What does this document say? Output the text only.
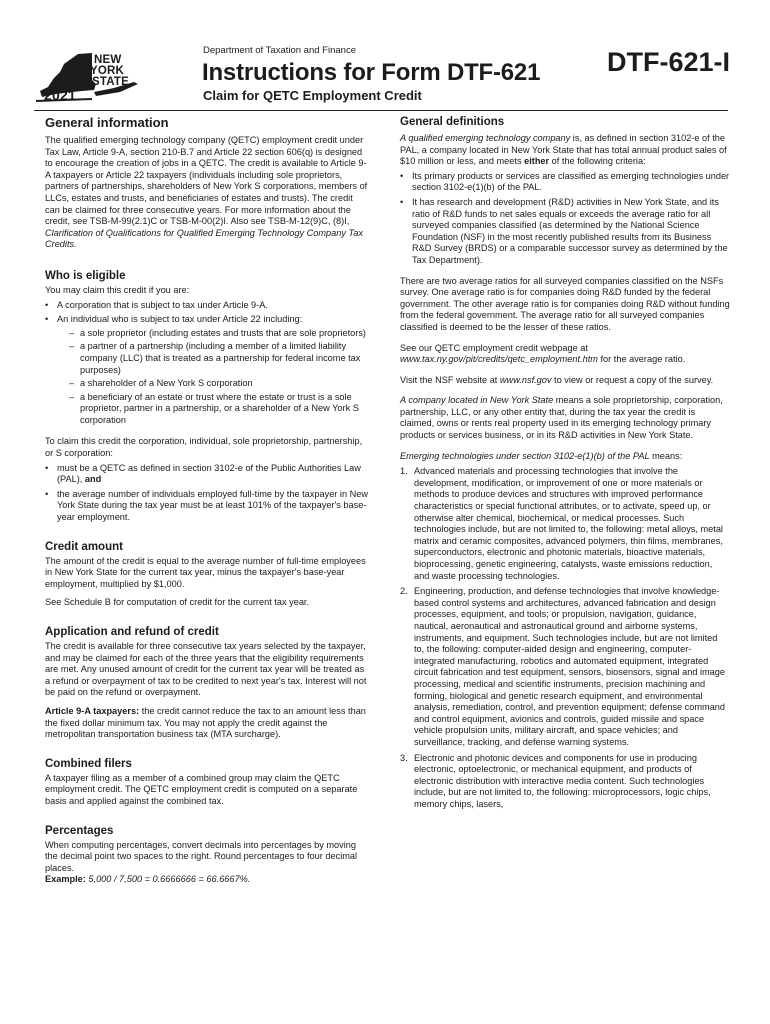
NEW
YORK
STATE
2021
Department of Taxation and Finance
Instructions for Form DTF-621
Claim for QETC Employment Credit
DTF-621-I
General information

The qualified emerging technology company (QETC) employment credit under Tax Law, Article 9-A, section 210-B.7 and Article 22 section 606(q) is designed to encourage the creation of jobs in a QETC. The credit is available to Article 9-A taxpayers or Article 22 taxpayers (individuals including sole proprietors, partners of partnerships, shareholders of New York S corporations, members of LLCs, estates and trusts, and beneficiaries of estates and trusts). The credit can be claimed for three consecutive years. For more information about the credit, see TSB-M-99(2.1)C or TSB-M-00(2)I. Also see TSB-M-12(9)C, (8)I, Clarification of Qualifications for Qualified Emerging Technology Company Tax Credits.

Who is eligible

You may claim this credit if you are:

• A corporation that is subject to tax under Article 9-A.
• An individual who is subject to tax under Article 22 including:
– a sole proprietor (including estates and trusts that are sole proprietors)
– a partner of a partnership (including a member of a limited liability company (LLC) that is treated as a partnership for federal income tax purposes)
– a shareholder of a New York S corporation
– a beneficiary of an estate or trust where the estate or trust is a sole proprietor, partner in a partnership, or a shareholder of a New York S corporation

To claim this credit the corporation, individual, sole proprietorship, partnership, or S corporation:

• must be a QETC as defined in section 3102-e of the Public Authorities Law (PAL), and
• the average number of individuals employed full-time by the taxpayer in New York State during the tax year must be at least 101% of the taxpayer's base-year employment.
Credit amount

The amount of the credit is equal to the average number of full-time employees in New York State for the current tax year, minus the taxpayer's base-year employment, multiplied by $1,000.

See Schedule B for computation of credit for the current tax year.

Application and refund of credit

The credit is available for three consecutive tax years selected by the taxpayer, and may be claimed for each of the three years that the eligibility requirements are met. Any unused amount of credit for the current tax year will be treated as a refund or overpayment of tax to be credited to next year's tax. Interest will not be paid on the refund or overpayment.

Article 9-A taxpayers: the credit cannot reduce the tax to an amount less than the fixed dollar minimum tax. You may not apply the credit against the metropolitan transportation business tax (MTA surcharge).

Combined filers

A taxpayer filing as a member of a combined group may claim the QETC employment credit. The QETC employment credit is computed on a separate basis and applied against the combined tax.

Percentages

When computing percentages, convert decimals into percentages by moving the decimal point two spaces to the right. Round percentages to four decimal places.

Example: 5,000 / 7,500 = 0.6666666 = 66.6667%.

General definitions

A qualified emerging technology company is, as defined in section 3102-e of the PAL, a company located in New York State that has total annual product sales of $10 million or less, and meets either of the following criteria:

• Its primary products or services are classified as emerging technologies under section 3102-e(1)(b) of the PAL.
• It has research and development (R&D) activities in New York State, and its ratio of R&D funds to net sales equals or exceeds the average ratio for all surveyed companies classified (as determined by the National Science Foundation (NSF) in the most recently published results from its Business R&D Survey (BRDS) or a comparable successor survey as determined by the Tax Department).

There are two average ratios for all surveyed companies classified on the NSFs survey. One average ratio is for companies doing R&D funded by the federal government. The other average ratio is for companies doing R&D without funding from the federal government. The average ratio for all surveyed companies classified is deemed to be the lesser of these ratios.

See our QETC employment credit webpage at www.tax.ny.gov/pit/credits/qetc_employment.htm for the average ratio.

Visit the NSF website at www.nsf.gov to view or request a copy of the survey.

A company located in New York State means a sole proprietorship, corporation, partnership, LLC, or any other entity that, during the tax year the credit is claimed, owns or rents real property used in its emerging technology primary products or services business, or in its R&D activities in New York State.

Emerging technologies under section 3102-e(1)(b) of the PAL means:

1. Advanced materials and processing technologies that involve the development, modification, or improvement of one or more materials or methods to produce devices and structures with improved performance characteristics or special functional attributes, or to activate, speed up, or otherwise alter chemical, biochemical, or medical processes. Such technologies include, but are not limited to, the following: metal alloys, metal matrix and ceramic composites, advanced polymers, thin films, membranes, superconductors, electronic and photonic materials, bioactive materials, bioprocessing, genetic engineering, catalysts, waste emissions reduction, and waste processing technologies.
2. Engineering, production, and defense technologies that involve knowledge-based control systems and architectures, advanced fabrication and design processes, equipment, and tools; or propulsion, navigation, guidance, nautical, aeronautical and astronautical ground and airborne systems, instruments, and equipment. Such technologies include, but are not limited to, the following: computer-aided design and engineering, computer-integrated manufacturing, robotics and automated equipment, integrated circuit fabrication and test equipment, sensors, biosensors, signal and image processing, medical and scientific instruments, precision machining and forming, biological and genetic research equipment, and environmental analysis, remediation, control, and prevention equipment; defense command and control equipment, avionics and controls, guided missile and space vehicle propulsion units, military aircraft, and space vehicles; and surveillance, tracking, and defense warning systems.
3. Electronic and photonic devices and components for use in producing electronic, optoelectronic, or mechanical equipment, and products of electronic distribution with interactive media content. Such technologies include, but are not limited to, the following: microprocessors, logic chips, memory chips, lasers,
